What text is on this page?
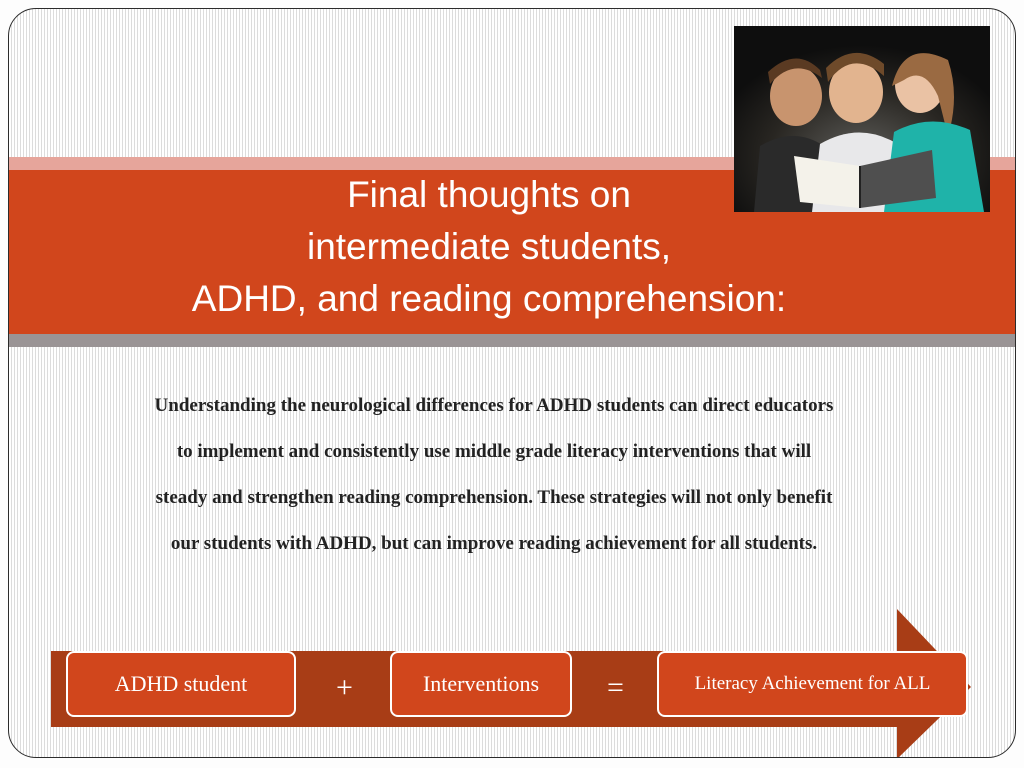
Final thoughts on
intermediate students,
ADHD, and reading comprehension:
Understanding the neurological differences for ADHD students can direct educators to implement and consistently use middle grade literacy interventions that will steady and strengthen reading comprehension. These strategies will not only benefit our students with ADHD, but can improve reading achievement for all students.
ADHD student	+	Interventions =	Literacy Achievement for ALL
